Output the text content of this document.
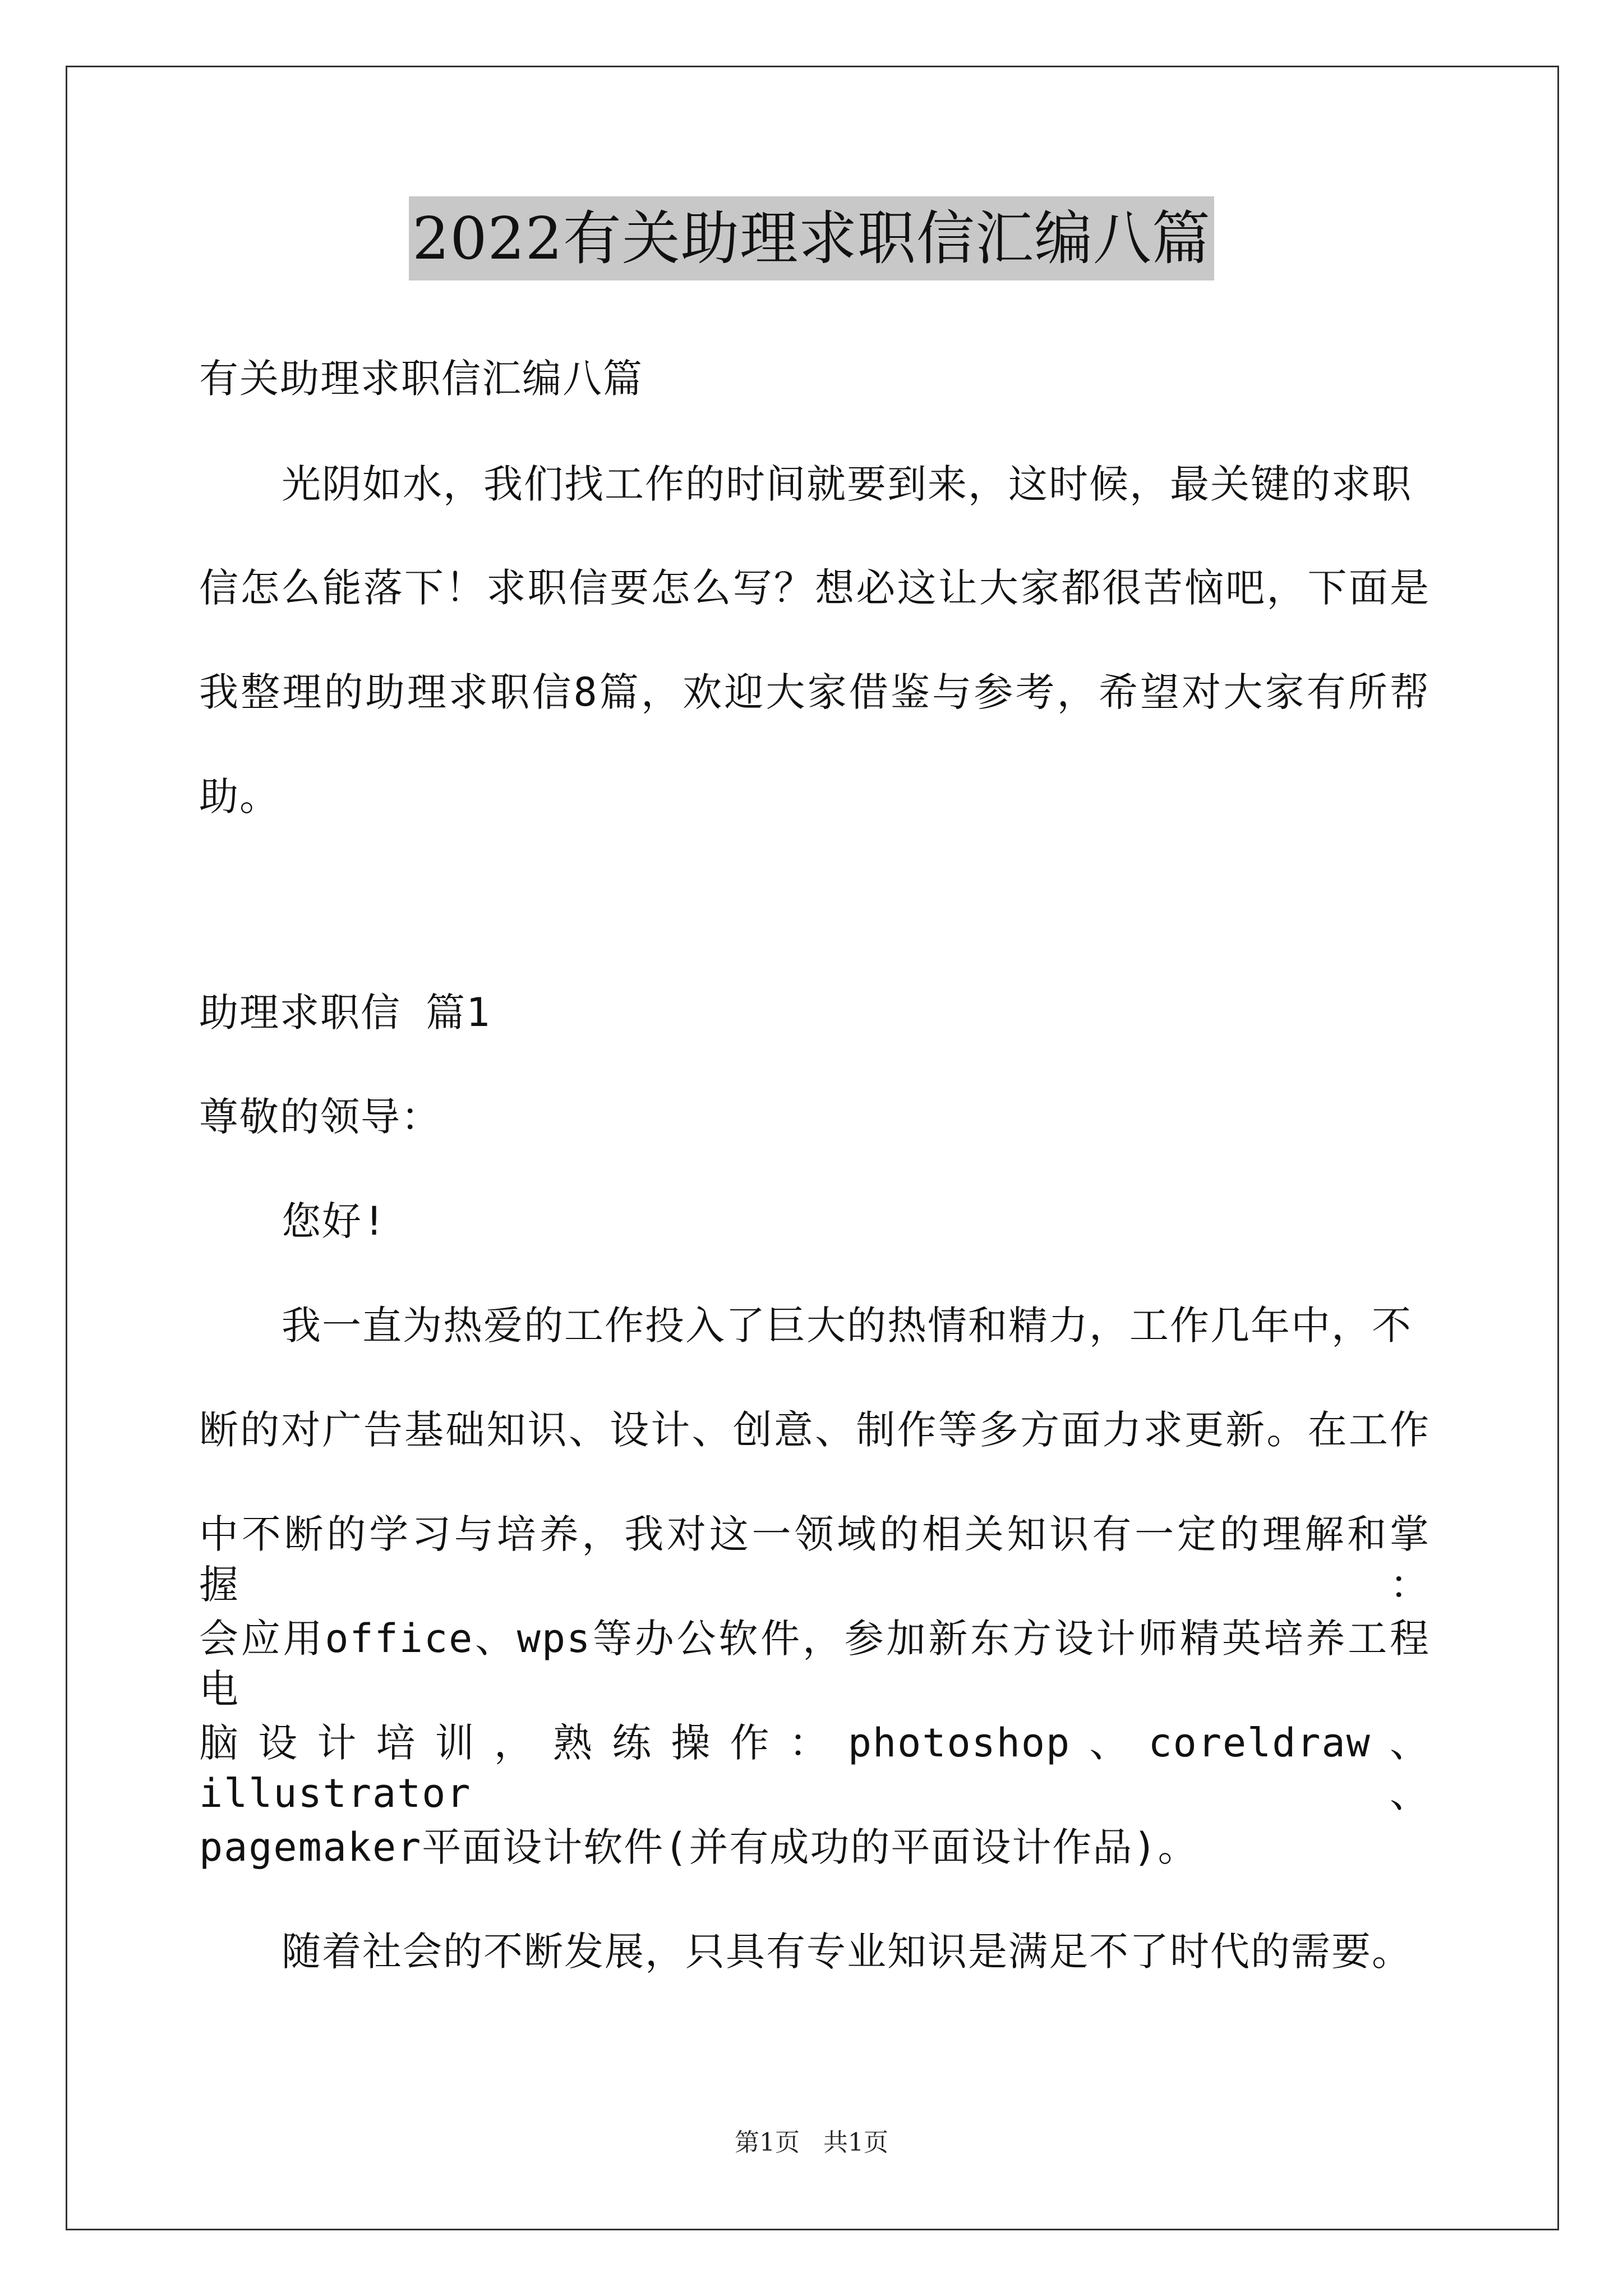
2022有关助理求职信汇编八篇
有关助理求职信汇编八篇
光阴如水，我们找工作的时间就要到来，这时候，最关键的求职
信怎么能落下！求职信要怎么写？想必这让大家都很苦恼吧，下面是
我整理的助理求职信8篇，欢迎大家借鉴与参考，希望对大家有所帮
助。
助理求职信 篇1
尊敬的领导：
您好!
我一直为热爱的工作投入了巨大的热情和精力，工作几年中，不
断的对广告基础知识、设计、创意、制作等多方面力求更新。在工作
中不断的学习与培养，我对这一领域的相关知识有一定的理解和掌握：
会应用office、wps等办公软件，参加新东方设计师精英培养工程电
脑设计培训，熟练操作：photoshop、coreldraw、illustrator、
pagemaker平面设计软件(并有成功的平面设计作品)。
随着社会的不断发展，只具有专业知识是满足不了时代的需要。
第1页 共1页
